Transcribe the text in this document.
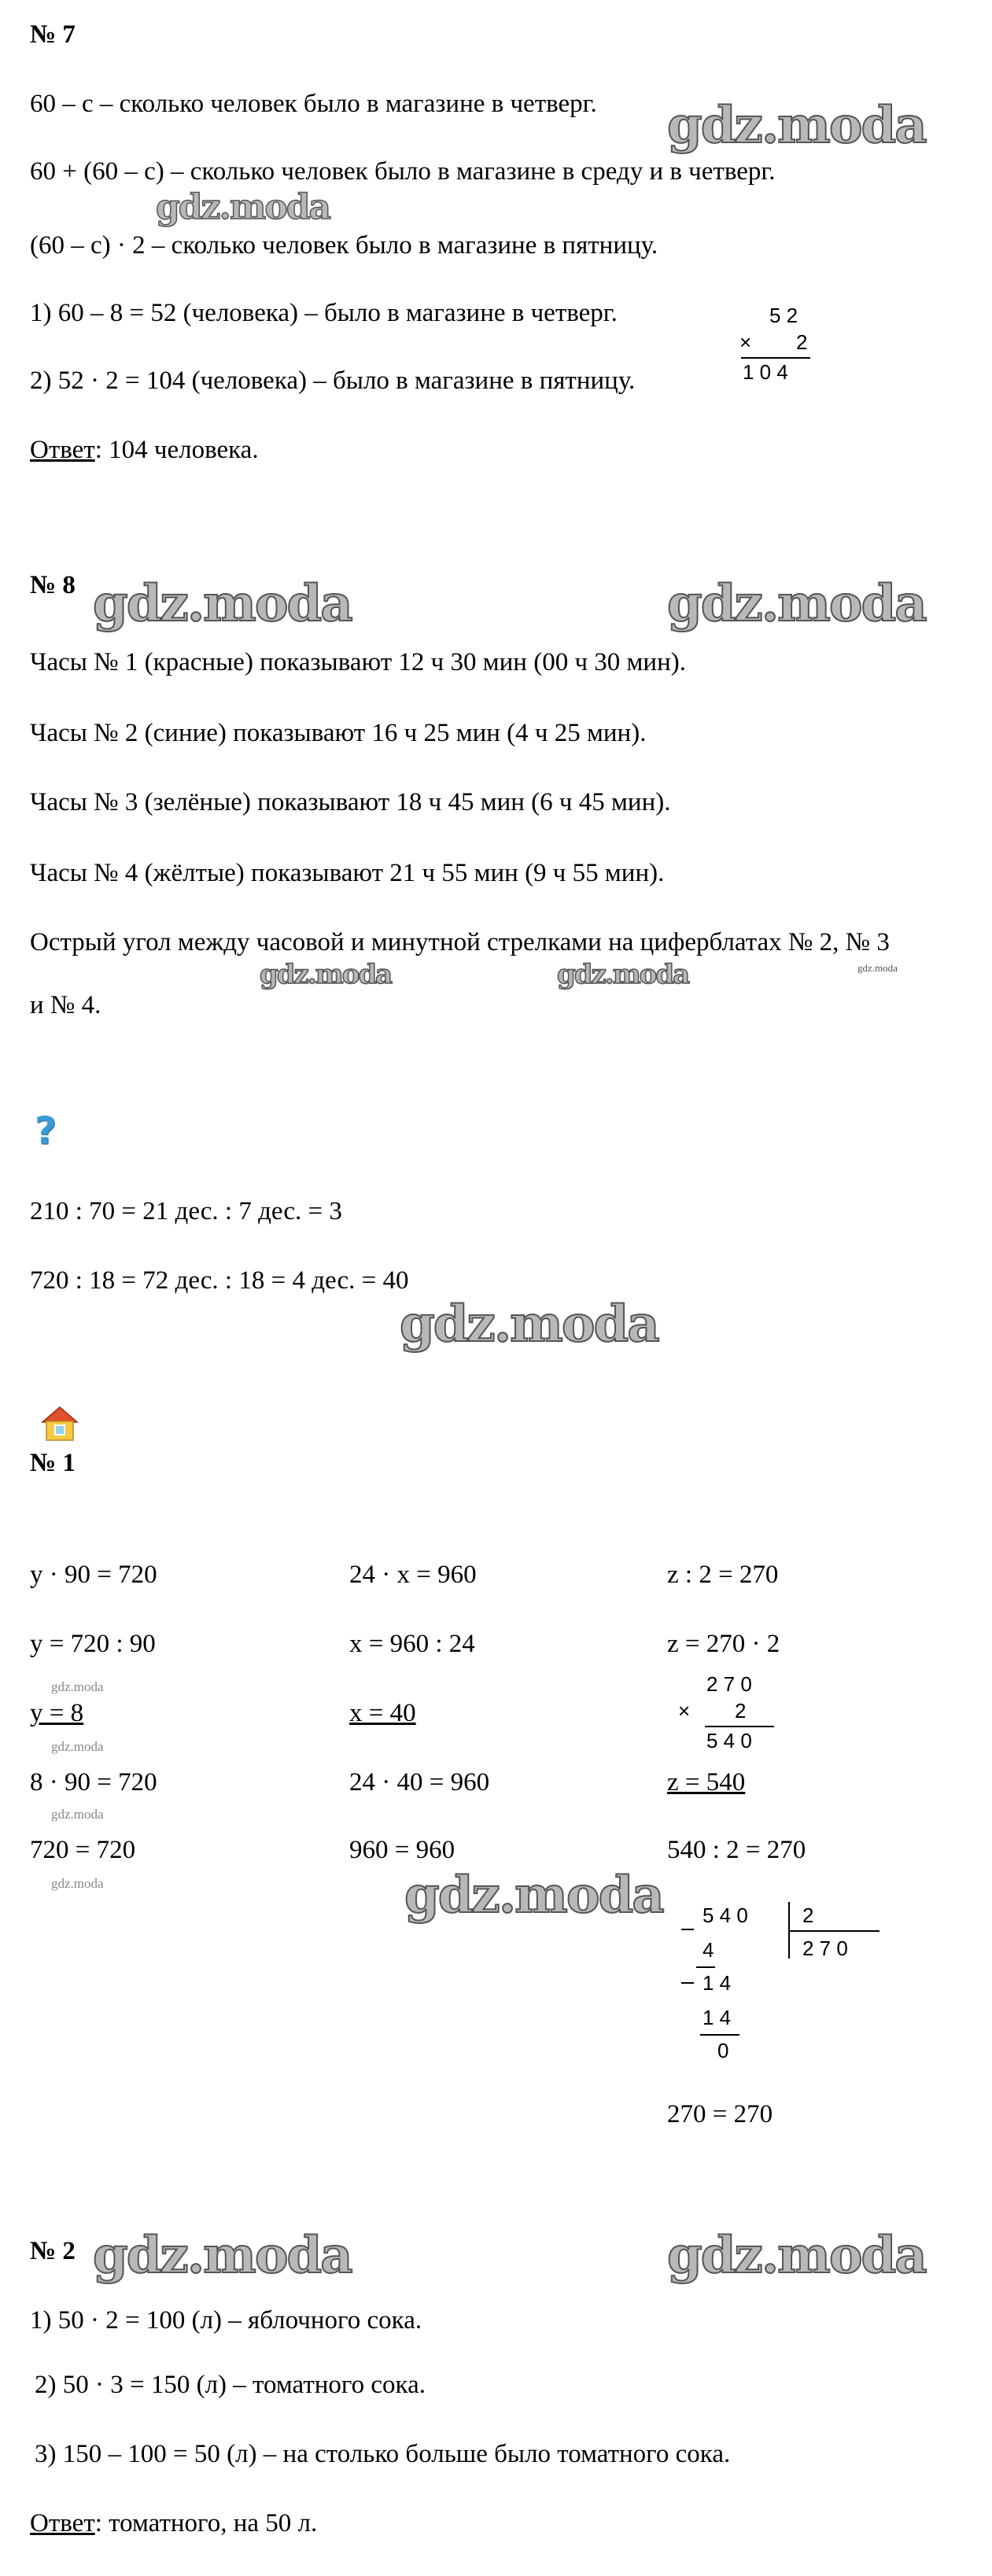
№ 7
60 – с – сколько человек было в магазине в четверг. gdz.moda
60 + (60 – с) – сколько человек было в магазине в среду и в четверг.
gdz.moda
(60 – с) · 2 – сколько человек было в магазине в пятницу.
1) 60 – 8 = 52 (человека) – было в магазине в четверг.
2) 52 · 2 = 104 (человека) – было в магазине в пятницу.
5 2
× 2
1 0 4
Ответ: 104 человека.
№ 8 gdz.moda	gdz.moda
Часы № 1 (красные) показывают 12 ч 30 мин (00 ч 30 мин).
Часы № 2 (синие) показывают 16 ч 25 мин (4 ч 25 мин).
Часы № 3 (зелёные) показывают 18 ч 45 мин (6 ч 45 мин).
Часы № 4 (жёлтые) показывают 21 ч 55 мин (9 ч 55 мин).
Острый угол между часовой и минутной стрелками на циферблатах № 2, № 3
gdz.moda	gdz.moda	gdz.moda
и № 4.
?
210 : 70 = 21 дес. : 7 дес. = 3
720 : 18 = 72 дес. : 18 = 4 дес. = 40
gdz.moda
№ 1
y · 90 = 720
y = 720 : 90
gdz.moda
y = 8
gdz.moda
8 · 90 = 720
gdz.moda
720 = 720
gdz.moda
24 · x = 960
x = 960 : 24
x = 40
24 · 40 = 960
960 = 960
gdz.moda
z : 2 = 270
z = 270 · 2
2 7 0
× 2
5 4 0
z = 540
540 : 2 = 270
5 4 0	2
2 7 0
4
1 4
1 4
0
270 = 270
№ 2 gdz.moda	gdz.moda
1) 50 · 2 = 100 (л) – яблочного сока.
2) 50 · 3 = 150 (л) – томатного сока.
3) 150 – 100 = 50 (л) – на столько больше было томатного сока.
Ответ: томатного, на 50 л.
